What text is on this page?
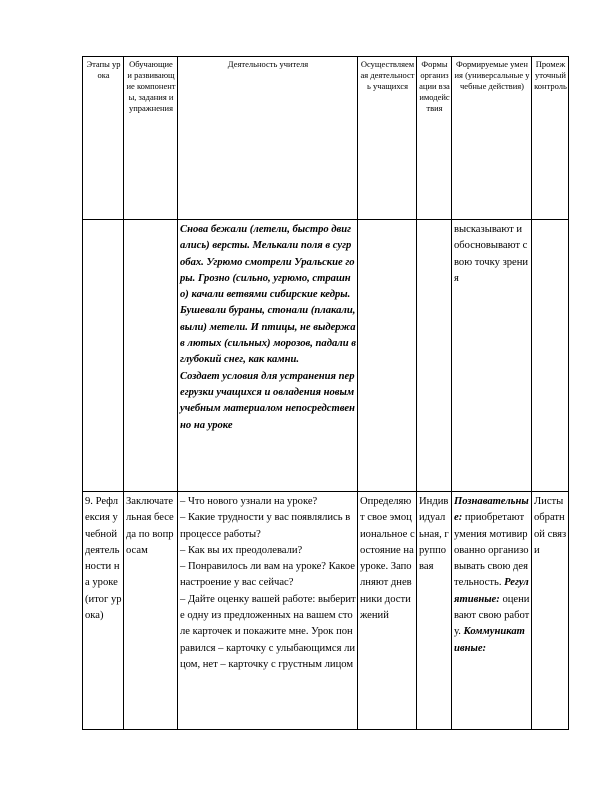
Этапы урока	Обучающие и развивающие компоненты, задания и упражнения	Деятельность учителя	Осуществляемая деятельность учащихся	Формы организации взаимодействия	Формируемые умения (универсальные учебные действия)	Промежуточный контроль

		Снова бежали (летели, быстро двигались) версты. Мелькали поля в сугробах. Угрюмо смотрели Уральские горы. Грозно (сильно, угрюмо, страшно) качали ветвями сибирские кедры. Бушевали бураны, стонали (плакали, выли) метели. И птицы, не выдержав лютых (сильных) морозов, падали в глубокий снег, как камни.
Создает условия для устранения перегрузки учащихся и овладения новым учебным материалом непосредственно на уроке			высказывают и обосновывают свою точку зрения	
9. Рефлексия учебной деятельности на уроке (итог урока)	Заключательная беседа по вопросам	– Что нового узнали на уроке?
– Какие трудности у вас появлялись в процессе работы?
– Как вы их преодолевали?
– Понравилось ли вам на уроке? Какое настроение у вас сейчас?
– Дайте оценку вашей работе: выберите одну из предложенных на вашем столе карточек и покажите мне. Урок понравился – карточку с улыбающимся лицом, нет – карточку с грустным лицом	Определяют свое эмоциональное состояние на уроке. Заполняют дневники достижений	Индивидуальная, групповая	Познавательные: приобретают умения мотивированно организовывать свою деятельность. Регулятивные: оценивают свою работу. Коммуникативные:	Листы обратной связи
